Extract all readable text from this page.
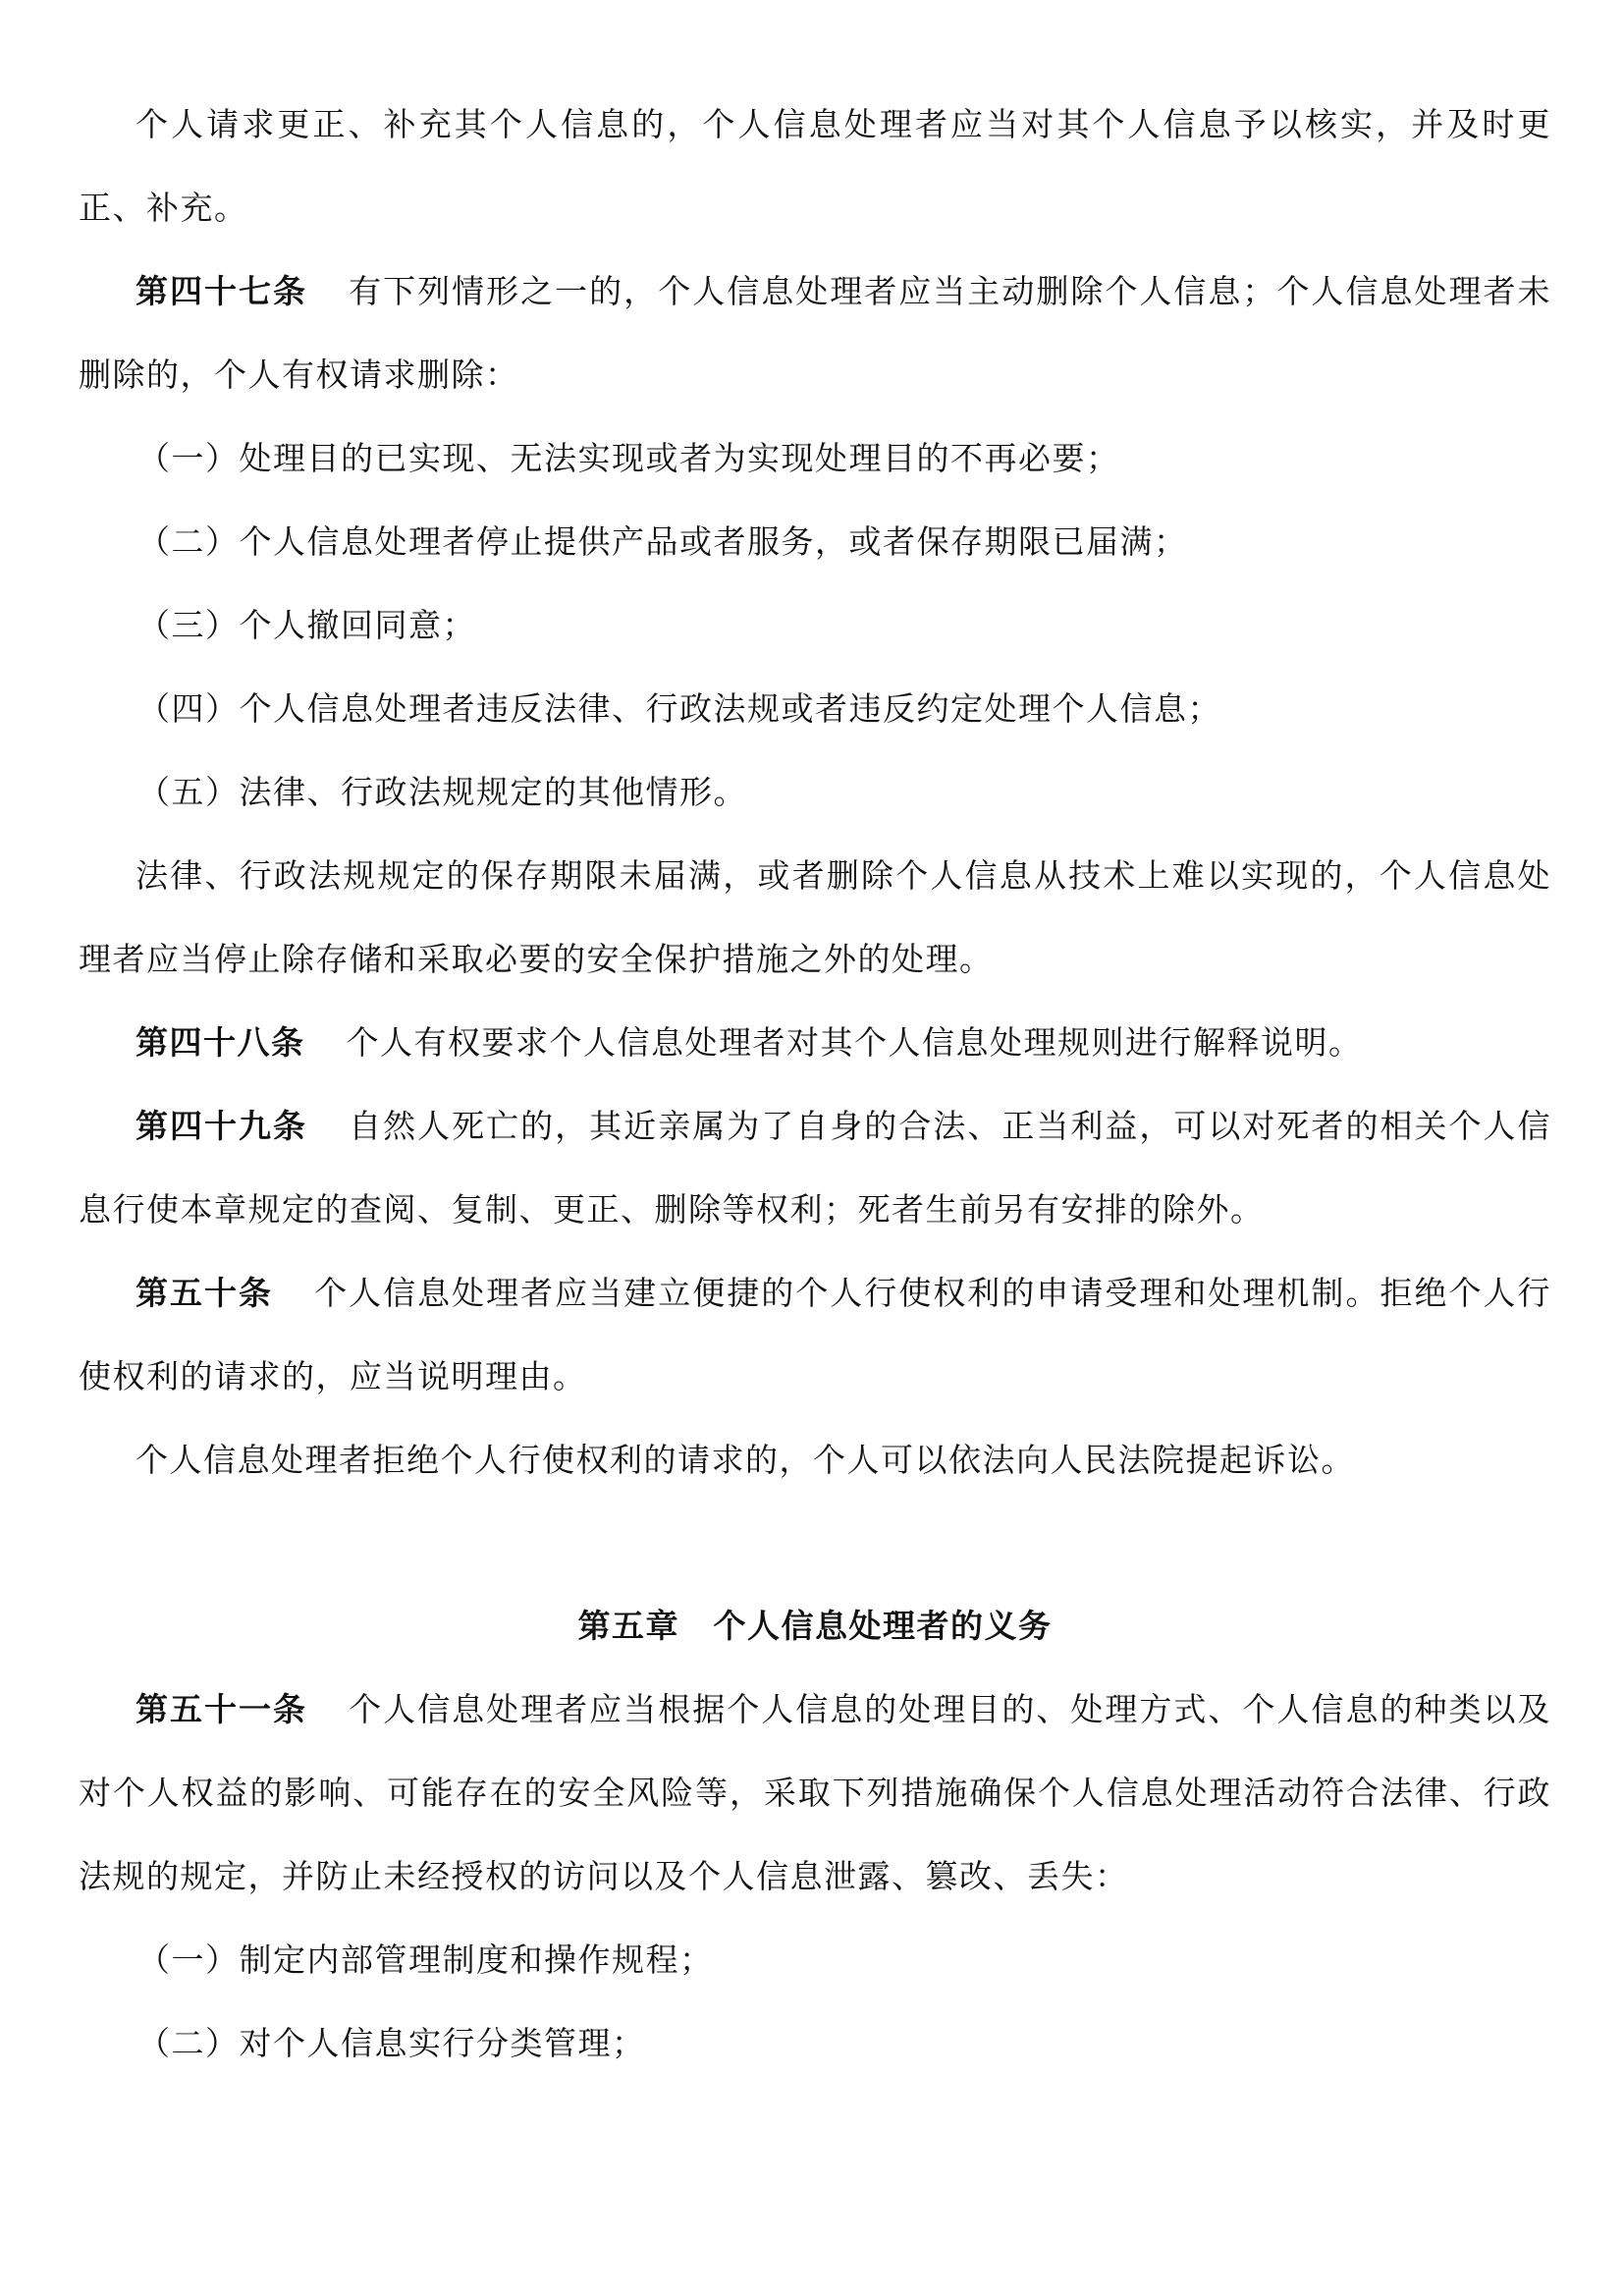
个人请求更正、补充其个人信息的，个人信息处理者应当对其个人信息予以核实，并及时更正、补充。

第四十七条 有下列情形之一的，个人信息处理者应当主动删除个人信息；个人信息处理者未删除的，个人有权请求删除：

（一）处理目的已实现、无法实现或者为实现处理目的不再必要；

（二）个人信息处理者停止提供产品或者服务，或者保存期限已届满；

（三）个人撤回同意；

（四）个人信息处理者违反法律、行政法规或者违反约定处理个人信息；

（五）法律、行政法规规定的其他情形。

法律、行政法规规定的保存期限未届满，或者删除个人信息从技术上难以实现的，个人信息处理者应当停止除存储和采取必要的安全保护措施之外的处理。

第四十八条 个人有权要求个人信息处理者对其个人信息处理规则进行解释说明。

第四十九条 自然人死亡的，其近亲属为了自身的合法、正当利益，可以对死者的相关个人信息行使本章规定的查阅、复制、更正、删除等权利；死者生前另有安排的除外。

第五十条 个人信息处理者应当建立便捷的个人行使权利的申请受理和处理机制。拒绝个人行使权利的请求的，应当说明理由。

个人信息处理者拒绝个人行使权利的请求的，个人可以依法向人民法院提起诉讼。

第五章　个人信息处理者的义务

第五十一条 个人信息处理者应当根据个人信息的处理目的、处理方式、个人信息的种类以及对个人权益的影响、可能存在的安全风险等，采取下列措施确保个人信息处理活动符合法律、行政法规的规定，并防止未经授权的访问以及个人信息泄露、篡改、丢失：

（一）制定内部管理制度和操作规程；

（二）对个人信息实行分类管理；
